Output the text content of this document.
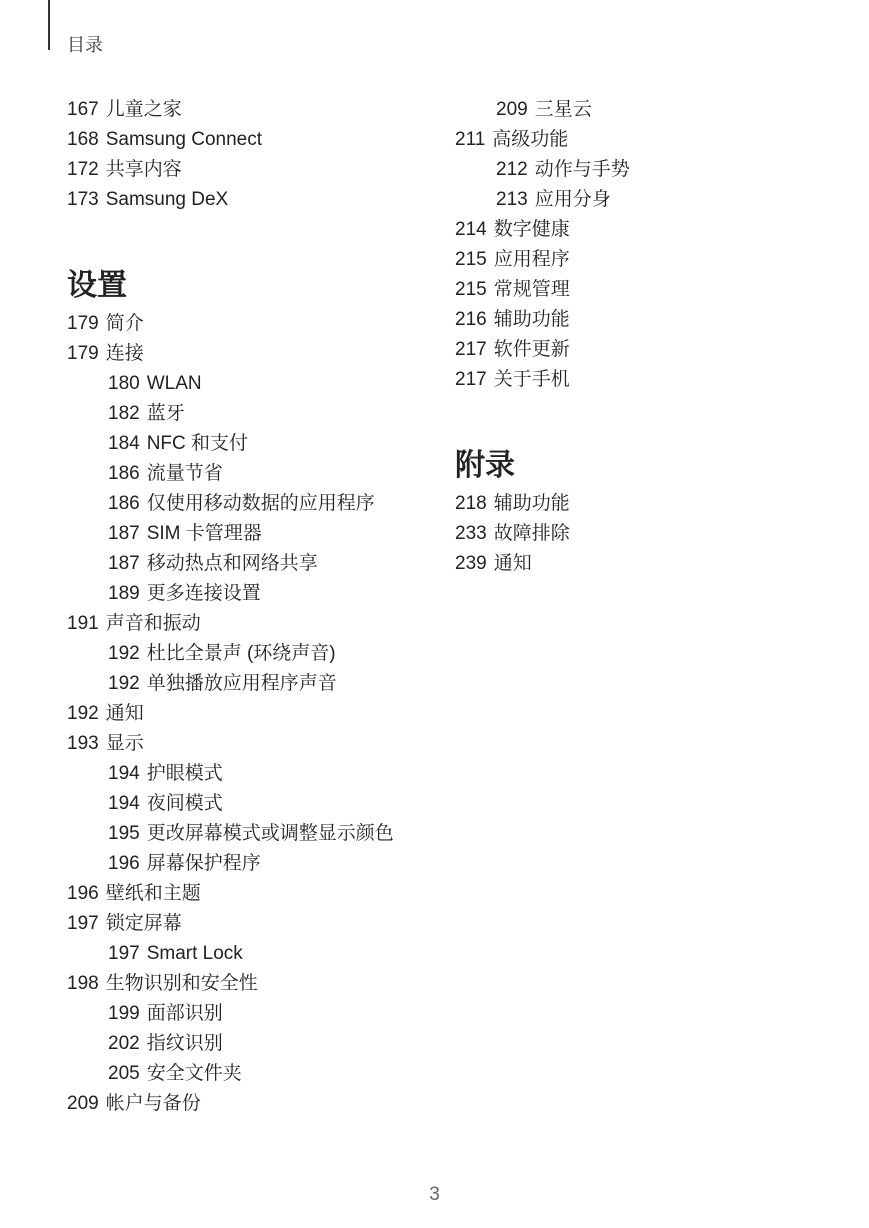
目录
167 儿童之家
168 Samsung Connect
172 共享内容
173 Samsung DeX
设置
179 简介
179 连接
180 WLAN
182 蓝牙
184 NFC 和支付
186 流量节省
186 仅使用移动数据的应用程序
187 SIM 卡管理器
187 移动热点和网络共享
189 更多连接设置
191 声音和振动
192 杜比全景声 (环绕声音)
192 单独播放应用程序声音
192 通知
193 显示
194 护眼模式
194 夜间模式
195 更改屏幕模式或调整显示颜色
196 屏幕保护程序
196 壁纸和主题
197 锁定屏幕
197 Smart Lock
198 生物识别和安全性
199 面部识别
202 指纹识别
205 安全文件夹
209 帐户与备份
209 三星云
211 高级功能
212 动作与手势
213 应用分身
214 数字健康
215 应用程序
215 常规管理
216 辅助功能
217 软件更新
217 关于手机
附录
218 辅助功能
233 故障排除
239 通知
3
